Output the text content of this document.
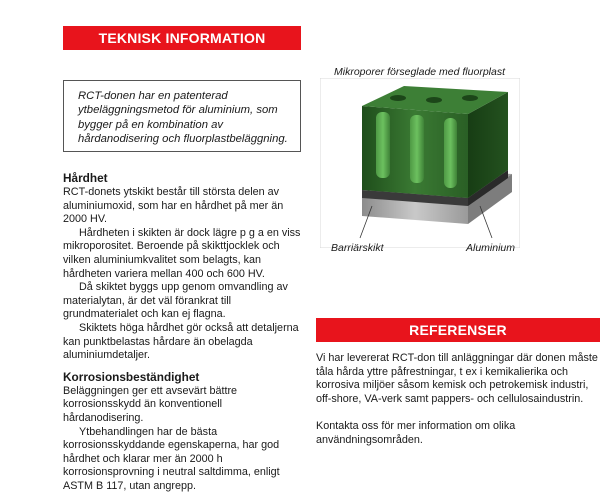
TEKNISK INFORMATION
RCT-donen har en patenterad ytbeläggningsmetod för aluminium, som bygger på en kombination av hårdanodisering och fluorplastbeläggning.
Hårdhet

RCT-donets ytskikt består till största delen av aluminiumoxid, som har en hårdhet på mer än 2000 HV.

Hårdheten i skikten är dock lägre p g a en viss mikroporositet. Beroende på skikttjocklek och vilken aluminiumkvalitet som belagts, kan hårdheten variera mellan 400 och 600 HV.

Då skiktet byggs upp genom omvandling av materialytan, är det väl förankrat till grundmaterialet och kan ej flagna.

Skiktets höga hårdhet gör också att detaljerna kan punktbelastas hårdare än obelagda aluminiumdetaljer.

Korrosionsbeständighet

Beläggningen ger ett avsevärt bättre korrosionsskydd än konventionell hårdanodisering.

Ytbehandlingen har de bästa korrosionsskyddande egenskaperna, har god hårdhet och klarar mer än 2000 h korrosionsprovning i neutral saltdimma, enligt ASTM B 117, utan angrepp.

Mikroporer förseglade med fluorplast
Barriärskikt	Aluminium
REFERENSER

Vi har levererat RCT-don till anläggningar där donen måste tåla hårda yttre påfrestningar, t ex i kemikalierika och korrosiva miljöer såsom kemisk och petrokemisk industri, off-shore, VA-verk samt pappers- och cellulosaindustrin.

Kontakta oss för mer information om olika användningsområden.
